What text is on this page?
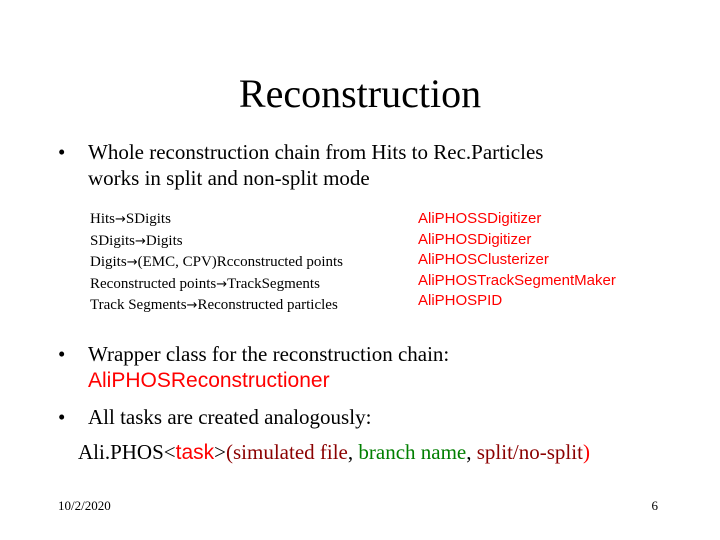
Reconstruction
• Whole reconstruction chain from Hits to Rec.Particles
works in split and non-split mode
Hits→SDigits
SDigits→Digits
Digits→(EMC, CPV)Rcconstructed points
Reconstructed points→TrackSegments
Track Segments→Reconstructed particles
AliPHOSSDigitizer
AliPHOSDigitizer
AliPHOSClusterizer
AliPHOSTrackSegmentMaker
AliPHOSPID
• Wrapper class for the reconstruction chain:
AliPHOSReconstructioner
• All tasks are created analogously:
Ali.PHOS<task>(simulated file, branch name, split/no-split)
10/2/2020	6
